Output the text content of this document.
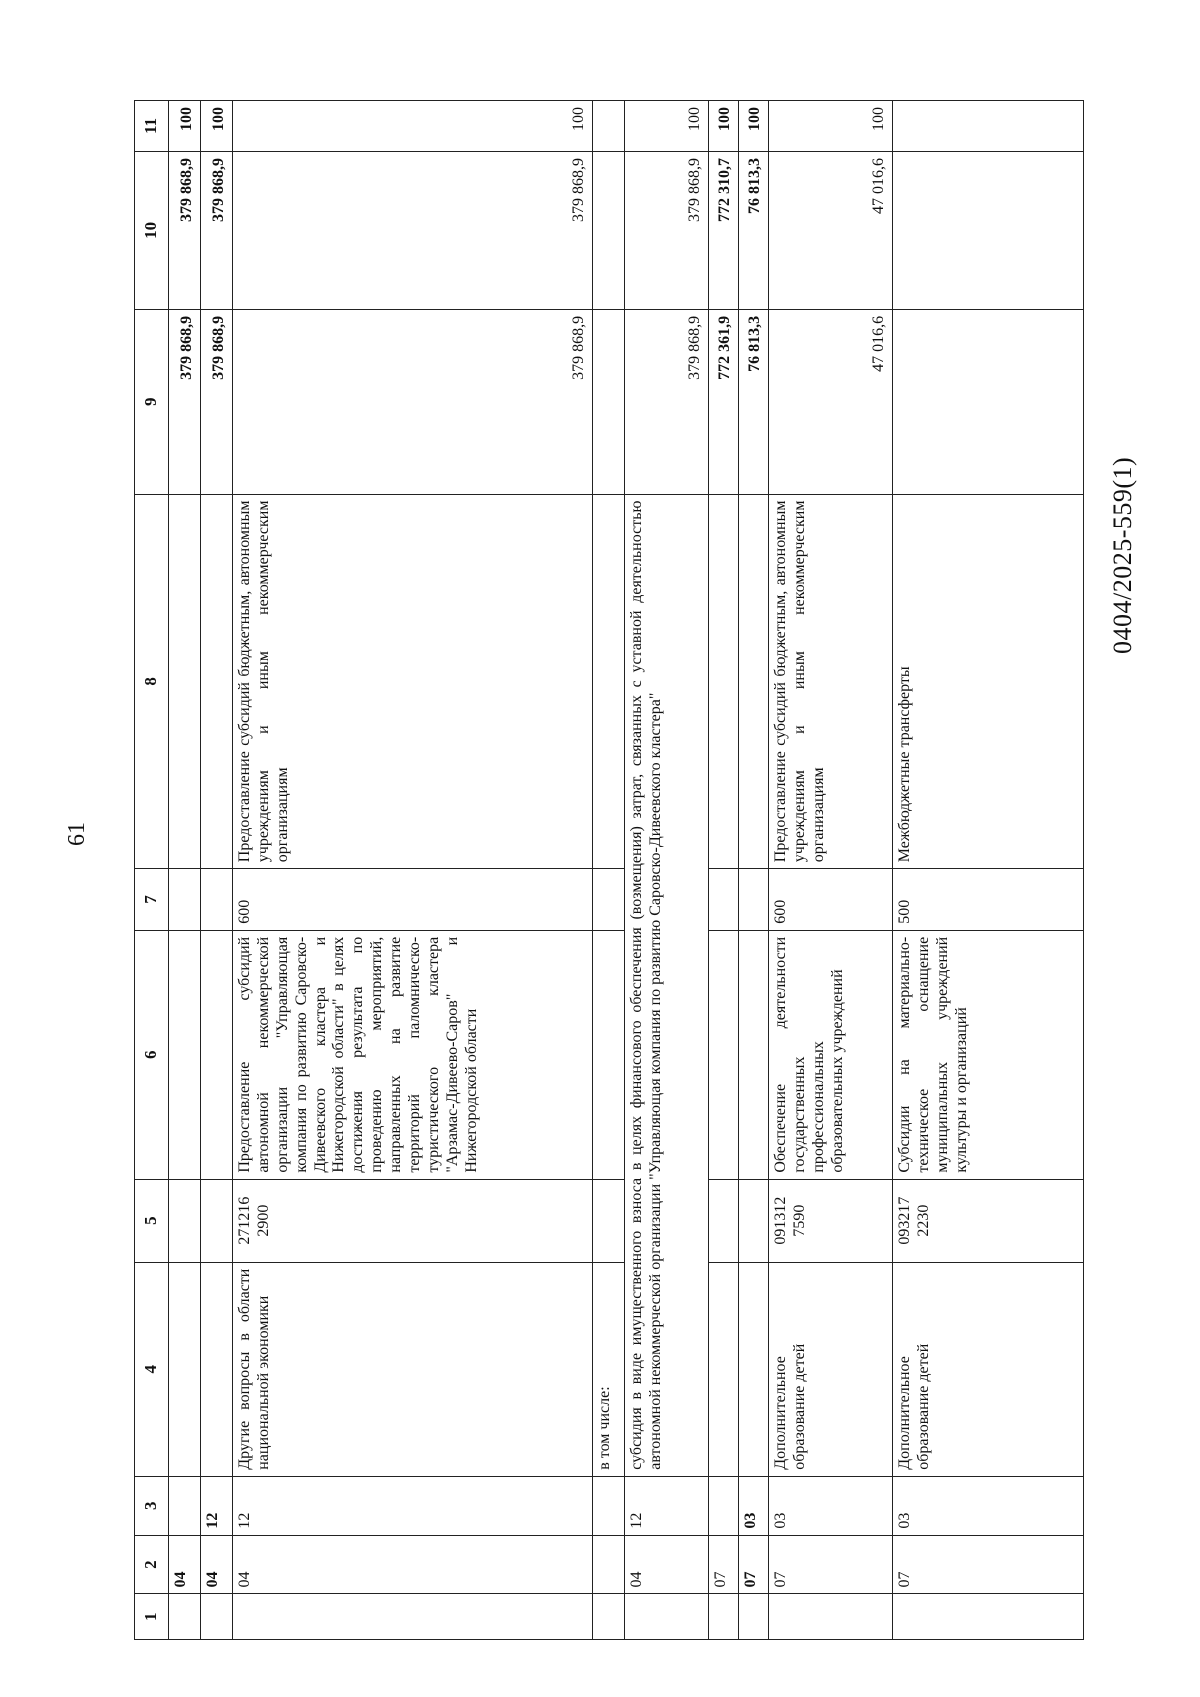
61
0404/2025-559(1)
1	2	3	4	5	6	7	8	9	10	11
	04							379 868,9	379 868,9	100
	04	12						379 868,9	379 868,9	100
	04	12	Другие вопросы в области национальной экономики	271216 2900	Предоставление субсидий автономной некоммерческой организации "Управляющая компания по развитию Саровско-Дивеевского кластера и Нижегородской области" в целях достижения результата по проведению мероприятий, направленных на развитие территорий паломническо-туристического кластера "Арзамас-Дивеево-Саров" и Нижегородской области	600	Предоставление субсидий бюджетным, автономным учреждениям и иным некоммерческим организациям	379 868,9	379 868,9	100
			в том числе:							
	04	12	субсидия в виде имущественного взноса в целях финансового обеспечения (возмещения) затрат, связанных с уставной деятельностью автономной некоммерческой организации "Управляющая компания по развитию Саровско-Дивеевского кластера"					379 868,9	379 868,9	100
	07							772 361,9	772 310,7	100
	07	03						76 813,3	76 813,3	100
	07	03	Дополнительное образование детей	091312 7590	Обеспечение деятельности государственных профессиональных образовательных учреждений	600	Предоставление субсидий бюджетным, автономным учреждениям и иным некоммерческим организациям	47 016,6	47 016,6	100
	07	03	Дополнительное образование детей	093217 2230	Субсидии на материально-техническое оснащение муниципальных учреждений культуры и организаций	500	Межбюджетные трансферты			
